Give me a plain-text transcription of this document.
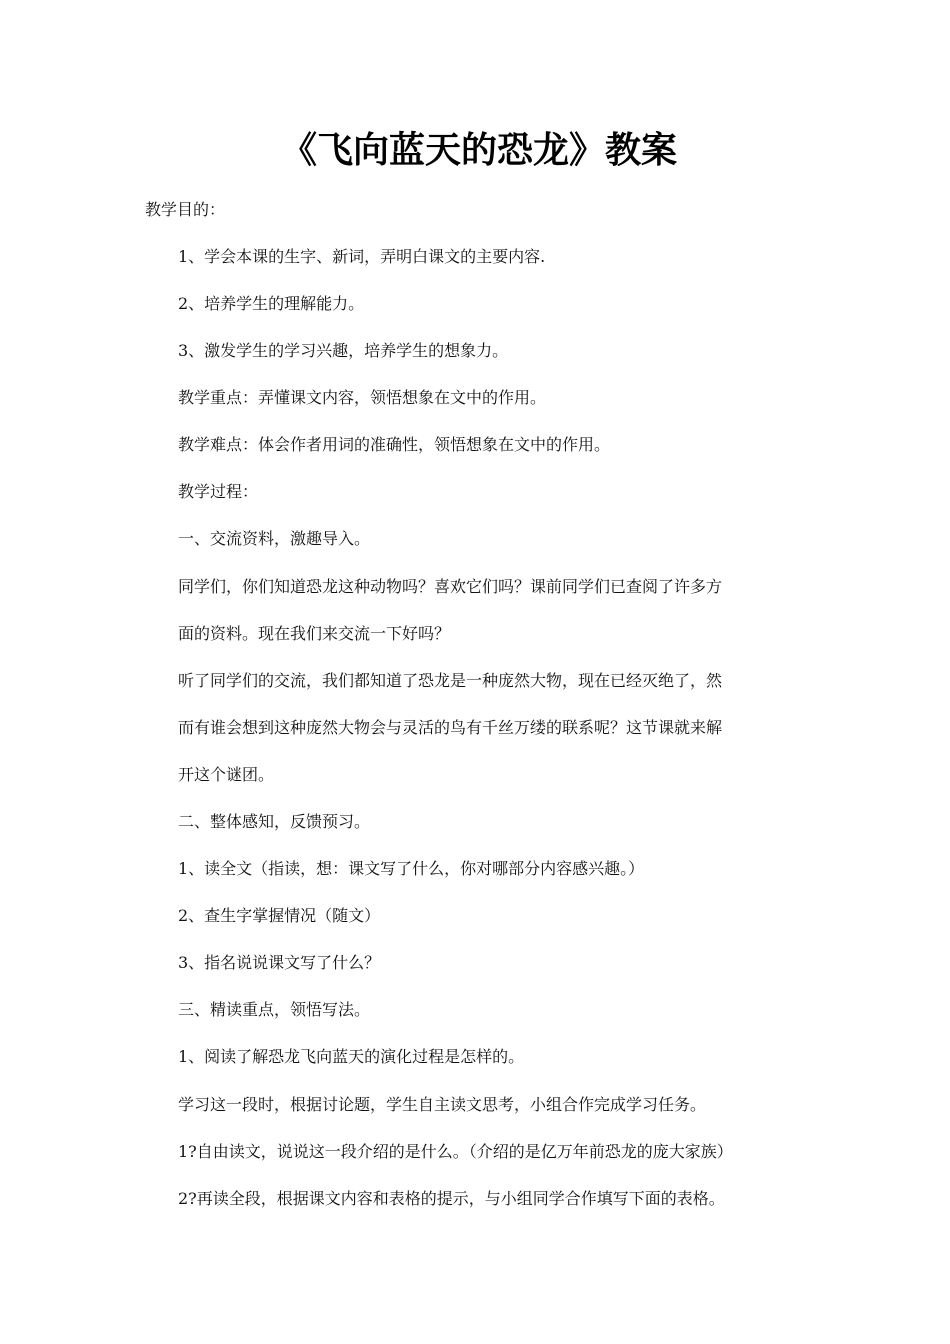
《飞向蓝天的恐龙》教案

教学目的：

1、学会本课的生字、新词，弄明白课文的主要内容.

2、培养学生的理解能力。

3、激发学生的学习兴趣，培养学生的想象力。

教学重点：弄懂课文内容，领悟想象在文中的作用。

教学难点：体会作者用词的准确性，领悟想象在文中的作用。

教学过程：

一、交流资料，激趣导入。

同学们，你们知道恐龙这种动物吗？喜欢它们吗？课前同学们已查阅了许多方

面的资料。现在我们来交流一下好吗？

听了同学们的交流，我们都知道了恐龙是一种庞然大物，现在已经灭绝了，然

而有谁会想到这种庞然大物会与灵活的鸟有千丝万缕的联系呢？这节课就来解

开这个谜团。

二、整体感知，反馈预习。

1、读全文（指读，想：课文写了什么，你对哪部分内容感兴趣。）

2、查生字掌握情况（随文）

3、指名说说课文写了什么？

三、精读重点，领悟写法。

1、阅读了解恐龙飞向蓝天的演化过程是怎样的。

学习这一段时，根据讨论题，学生自主读文思考，小组合作完成学习任务。

1?自由读文，说说这一段介绍的是什么。（介绍的是亿万年前恐龙的庞大家族）

2?再读全段，根据课文内容和表格的提示，与小组同学合作填写下面的表格。
